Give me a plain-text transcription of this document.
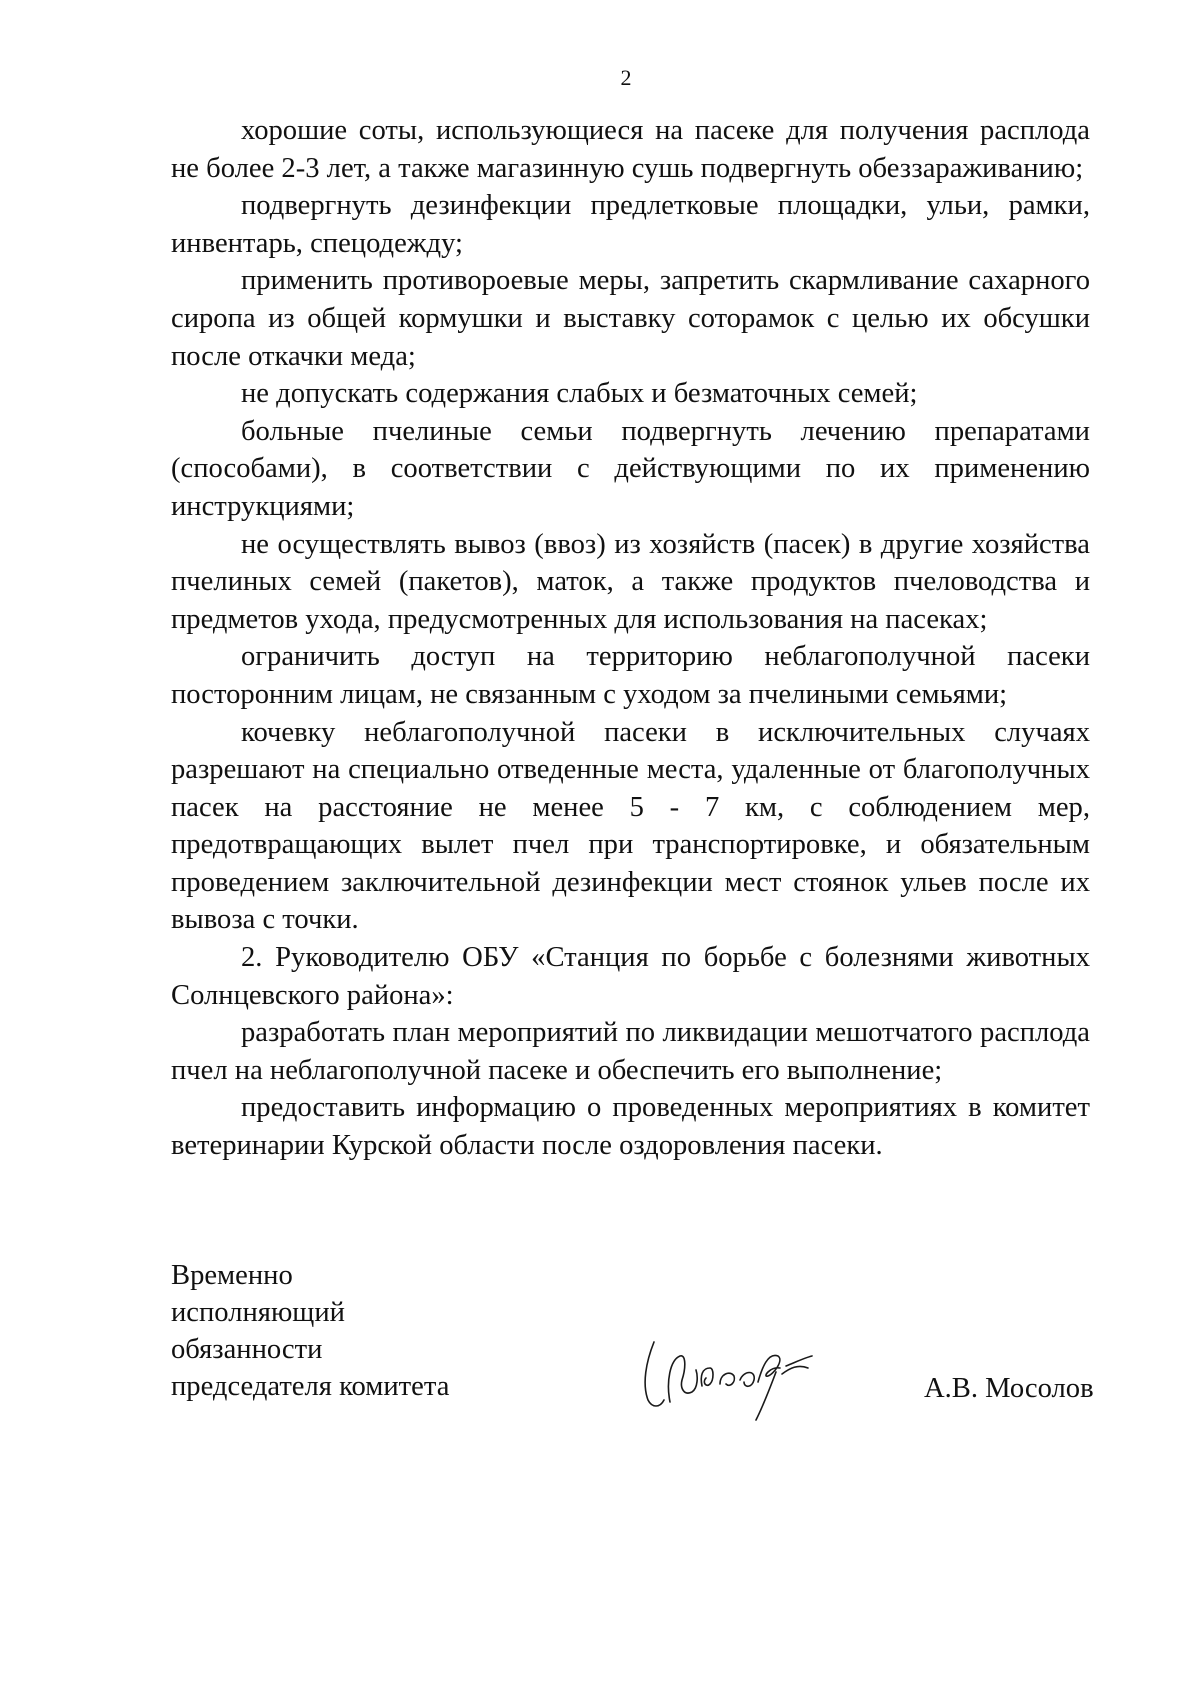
2

хорошие соты, использующиеся на пасеке для получения расплода не более 2-3 лет, а также магазинную сушь подвергнуть обеззараживанию;

подвергнуть дезинфекции предлетковые площадки, ульи, рамки, инвентарь, спецодежду;

применить противороевые меры, запретить скармливание сахарного сиропа из общей кормушки и выставку соторамок с целью их обсушки после откачки меда;

не допускать содержания слабых и безматочных семей;

больные пчелиные семьи подвергнуть лечению препаратами (способами), в соответствии с действующими по их применению инструкциями;

не осуществлять вывоз (ввоз) из хозяйств (пасек) в другие хозяйства пчелиных семей (пакетов), маток, а также продуктов пчеловодства и предметов ухода, предусмотренных для использования на пасеках;

ограничить доступ на территорию неблагополучной пасеки посторонним лицам, не связанным с уходом за пчелиными семьями;

кочевку неблагополучной пасеки в исключительных случаях разрешают на специально отведенные места, удаленные от благополучных пасек на расстояние не менее 5 - 7 км, с соблюдением мер, предотвращающих вылет пчел при транспортировке, и обязательным проведением заключительной дезинфекции мест стоянок ульев после их вывоза с точки.

2. Руководителю ОБУ «Станция по борьбе с болезнями животных Солнцевского района»:

разработать план мероприятий по ликвидации мешотчатого расплода пчел на неблагополучной пасеке и обеспечить его выполнение;

предоставить информацию о проведенных мероприятиях в комитет ветеринарии Курской области после оздоровления пасеки.

Временно
исполняющий
обязанности
председателя комитета	А.В. Мосолов
